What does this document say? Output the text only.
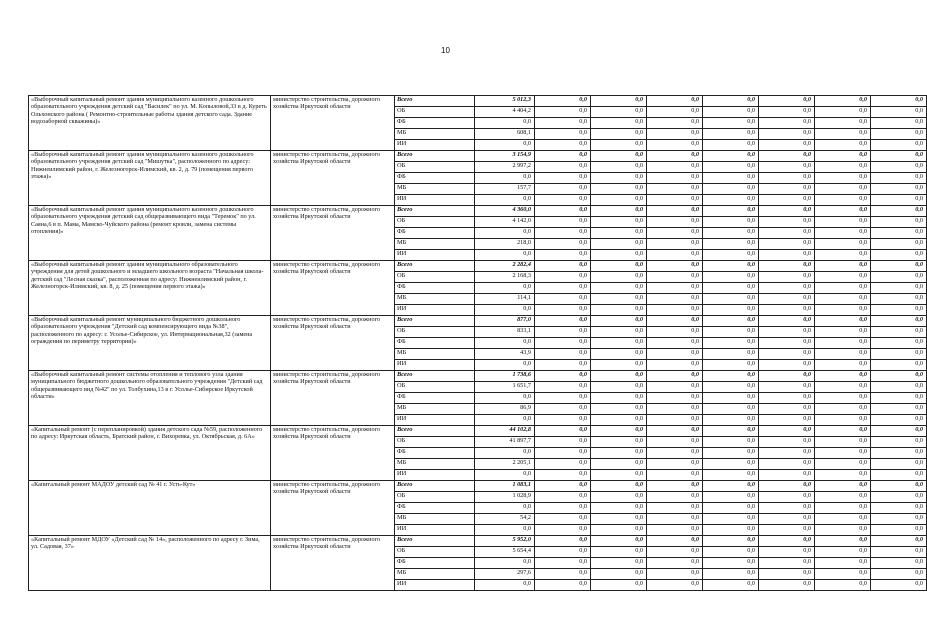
10
«Выборочный капитальный ремонт здания муниципального казенного дошкольного образовательного учреждения детский сад "Василек" по ул. М. Копыловой,33 в д. Куреть Ольхонского района ( Ремонтно-строительные работы здания детского сада. Здание водозаборной скважины)»	министерство строительства, дорожного хозяйства Иркутской области	Всего	5 012,3	0,0	0,0	0,0	0,0	0,0	0,0	0,0
		ОБ	4 404,2	0,0	0,0	0,0	0,0	0,0	0,0	0,0
		ФБ	0,0	0,0	0,0	0,0	0,0	0,0	0,0	0,0
		МБ	608,1	0,0	0,0	0,0	0,0	0,0	0,0	0,0
		ИИ	0,0	0,0	0,0	0,0	0,0	0,0	0,0	0,0
«Выборочный капитальный ремонт здания муниципального казенного дошкольного образовательного учреждения детский сад "Мишутка", расположенного по адресу: Нижнеилимский район, г. Железногорск-Илимский, кв. 2, д. 79 (помещения первого этажа)»	министерство строительства, дорожного хозяйства Иркутской области	Всего	3 154,9	0,0	0,0	0,0	0,0	0,0	0,0	0,0
		ОБ	2 997,2	0,0	0,0	0,0	0,0	0,0	0,0	0,0
		ФБ	0,0	0,0	0,0	0,0	0,0	0,0	0,0	0,0
		МБ	157,7	0,0	0,0	0,0	0,0	0,0	0,0	0,0
		ИИ	0,0	0,0	0,0	0,0	0,0	0,0	0,0	0,0
«Выборочный капитальный ремонт здания муниципального казенного дошкольного образовательного учреждения детский сад общеразвивающего вида "Теремок" по ул. Саяна,6 в п. Мама, Мамско-Чуйского района (ремонт кровли, замена системы отопления)»	министерство строительства, дорожного хозяйства Иркутской области	Всего	4 360,0	0,0	0,0	0,0	0,0	0,0	0,0	0,0
		ОБ	4 142,0	0,0	0,0	0,0	0,0	0,0	0,0	0,0
		ФБ	0,0	0,0	0,0	0,0	0,0	0,0	0,0	0,0
		МБ	218,0	0,0	0,0	0,0	0,0	0,0	0,0	0,0
		ИИ	0,0	0,0	0,0	0,0	0,0	0,0	0,0	0,0
«Выборочный капитальный ремонт здания муниципального образовательного учреждения для детей дошкольного и младшего школьного возраста "Начальная школа-детский сад "Лесная сказка", расположенная по адресу: Нижнеилимский район, г. Железногорск-Илимский, кв. 8, д. 25 (помещения первого этажа)»	министерство строительства, дорожного хозяйства Иркутской области	Всего	2 282,4	0,0	0,0	0,0	0,0	0,0	0,0	0,0
		ОБ	2 168,3	0,0	0,0	0,0	0,0	0,0	0,0	0,0
		ФБ	0,0	0,0	0,0	0,0	0,0	0,0	0,0	0,0
		МБ	114,1	0,0	0,0	0,0	0,0	0,0	0,0	0,0
		ИИ	0,0	0,0	0,0	0,0	0,0	0,0	0,0	0,0
«Выборочный капитальный ремонт муниципального бюджетного дошкольного образовательного учреждения "Детский сад компенсирующего вида №38", расположенного по адресу: г. Усолье-Сибирское, ул. Интернациональная,32 (замена ограждения по периметру территории)»	министерство строительства, дорожного хозяйства Иркутской области	Всего	877,0	0,0	0,0	0,0	0,0	0,0	0,0	0,0
		ОБ	833,1	0,0	0,0	0,0	0,0	0,0	0,0	0,0
		ФБ	0,0	0,0	0,0	0,0	0,0	0,0	0,0	0,0
		МБ	43,9	0,0	0,0	0,0	0,0	0,0	0,0	0,0
		ИИ	0,0	0,0	0,0	0,0	0,0	0,0	0,0	0,0
«Выборочный капитальный ремонт системы отопления и теплового узла здания муниципального бюджетного дошкольного образовательного учреждения "Детский сад общеразвивающего вид №42" по ул. Толбухина,13 в г. Усолье-Сибирское Иркутской области»	министерство строительства, дорожного хозяйства Иркутской области	Всего	1 738,6	0,0	0,0	0,0	0,0	0,0	0,0	0,0
		ОБ	1 651,7	0,0	0,0	0,0	0,0	0,0	0,0	0,0
		ФБ	0,0	0,0	0,0	0,0	0,0	0,0	0,0	0,0
		МБ	86,9	0,0	0,0	0,0	0,0	0,0	0,0	0,0
		ИИ	0,0	0,0	0,0	0,0	0,0	0,0	0,0	0,0
«Капитальный ремонт (с перепланировкой) здания детского сада №59, расположенного по адресу: Иркутская область, Братский район, г. Вихоревка, ул. Октябрьская, д. 6А»	министерство строительства, дорожного хозяйства Иркутской области	Всего	44 102,8	0,0	0,0	0,0	0,0	0,0	0,0	0,0
		ОБ	41 897,7	0,0	0,0	0,0	0,0	0,0	0,0	0,0
		ФБ	0,0	0,0	0,0	0,0	0,0	0,0	0,0	0,0
		МБ	2 205,1	0,0	0,0	0,0	0,0	0,0	0,0	0,0
		ИИ	0,0	0,0	0,0	0,0	0,0	0,0	0,0	0,0
«Капитальный ремонт МАДОУ детский сад № 41 г. Усть-Кут»	министерство строительства, дорожного хозяйства Иркутской области	Всего	1 083,1	0,0	0,0	0,0	0,0	0,0	0,0	0,0
		ОБ	1 028,9	0,0	0,0	0,0	0,0	0,0	0,0	0,0
		ФБ	0,0	0,0	0,0	0,0	0,0	0,0	0,0	0,0
		МБ	54,2	0,0	0,0	0,0	0,0	0,0	0,0	0,0
		ИИ	0,0	0,0	0,0	0,0	0,0	0,0	0,0	0,0
«Капитальный ремонт МДОУ «Детский сад № 14», расположенного по адресу г. Зима, ул. Садовая, 37»	министерство строительства, дорожного хозяйства Иркутской области	Всего	5 952,0	0,0	0,0	0,0	0,0	0,0	0,0	0,0
		ОБ	5 654,4	0,0	0,0	0,0	0,0	0,0	0,0	0,0
		ФБ	0,0	0,0	0,0	0,0	0,0	0,0	0,0	0,0
		МБ	297,6	0,0	0,0	0,0	0,0	0,0	0,0	0,0
		ИИ	0,0	0,0	0,0	0,0	0,0	0,0	0,0	0,0
